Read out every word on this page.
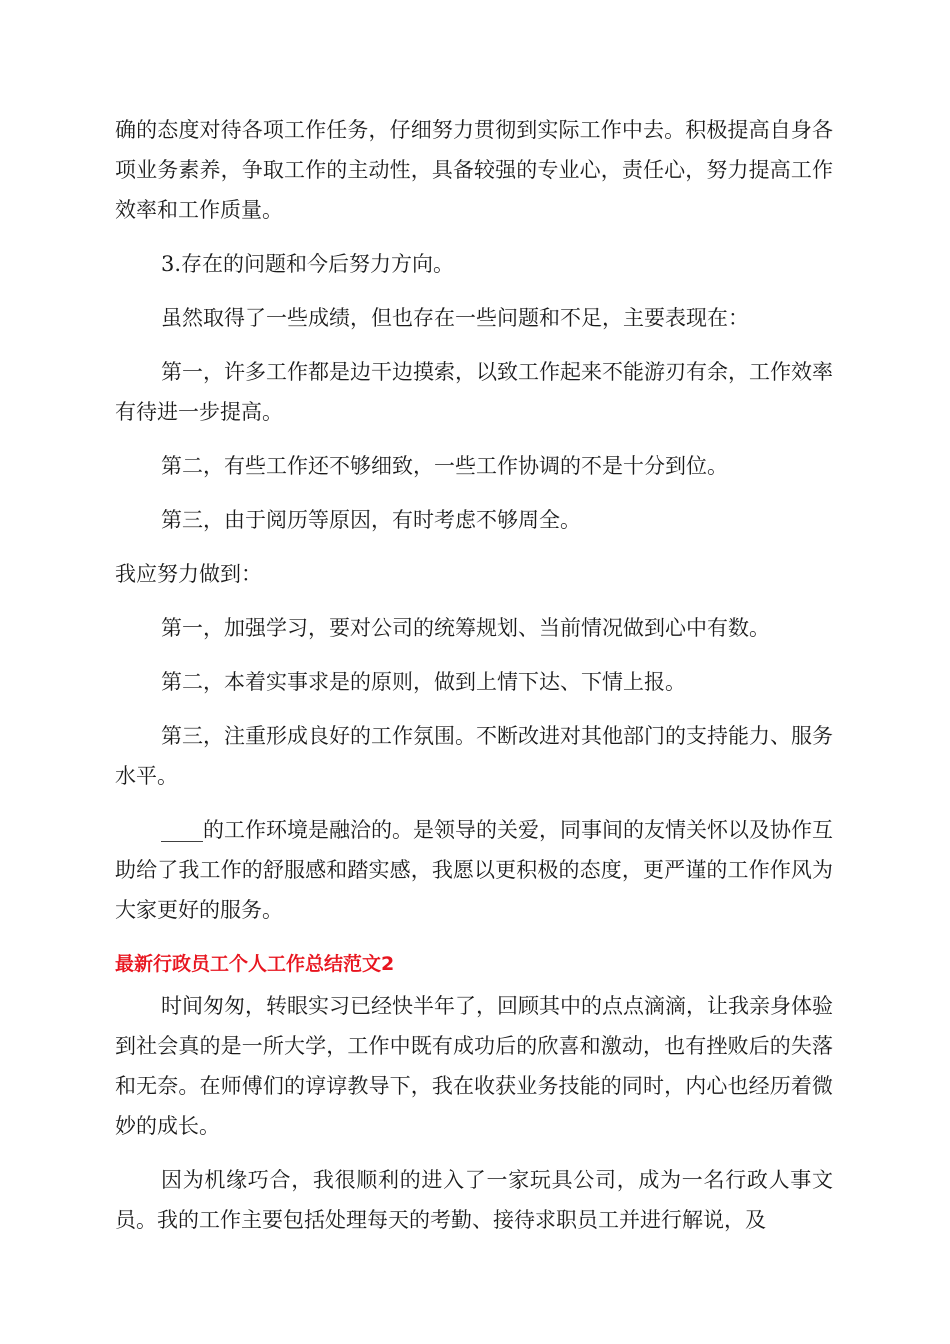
确的态度对待各项工作任务，仔细努力贯彻到实际工作中去。积极提高自身各项业务素养，争取工作的主动性，具备较强的专业心，责任心，努力提高工作效率和工作质量。

3.存在的问题和今后努力方向。

虽然取得了一些成绩，但也存在一些问题和不足，主要表现在：

第一，许多工作都是边干边摸索，以致工作起来不能游刃有余，工作效率有待进一步提高。

第二，有些工作还不够细致，一些工作协调的不是十分到位。

第三，由于阅历等原因，有时考虑不够周全。

我应努力做到：

第一，加强学习，要对公司的统筹规划、当前情况做到心中有数。

第二，本着实事求是的原则，做到上情下达、下情上报。

第三，注重形成良好的工作氛围。不断改进对其他部门的支持能力、服务水平。

____的工作环境是融洽的。是领导的关爱，同事间的友情关怀以及协作互助给了我工作的舒服感和踏实感，我愿以更积极的态度，更严谨的工作作风为大家更好的服务。

最新行政员工个人工作总结范文2

时间匆匆，转眼实习已经快半年了，回顾其中的点点滴滴，让我亲身体验到社会真的是一所大学，工作中既有成功后的欣喜和激动，也有挫败后的失落和无奈。在师傅们的谆谆教导下，我在收获业务技能的同时，内心也经历着微妙的成长。

因为机缘巧合，我很顺利的进入了一家玩具公司，成为一名行政人事文员。我的工作主要包括处理每天的考勤、接待求职员工并进行解说，及
